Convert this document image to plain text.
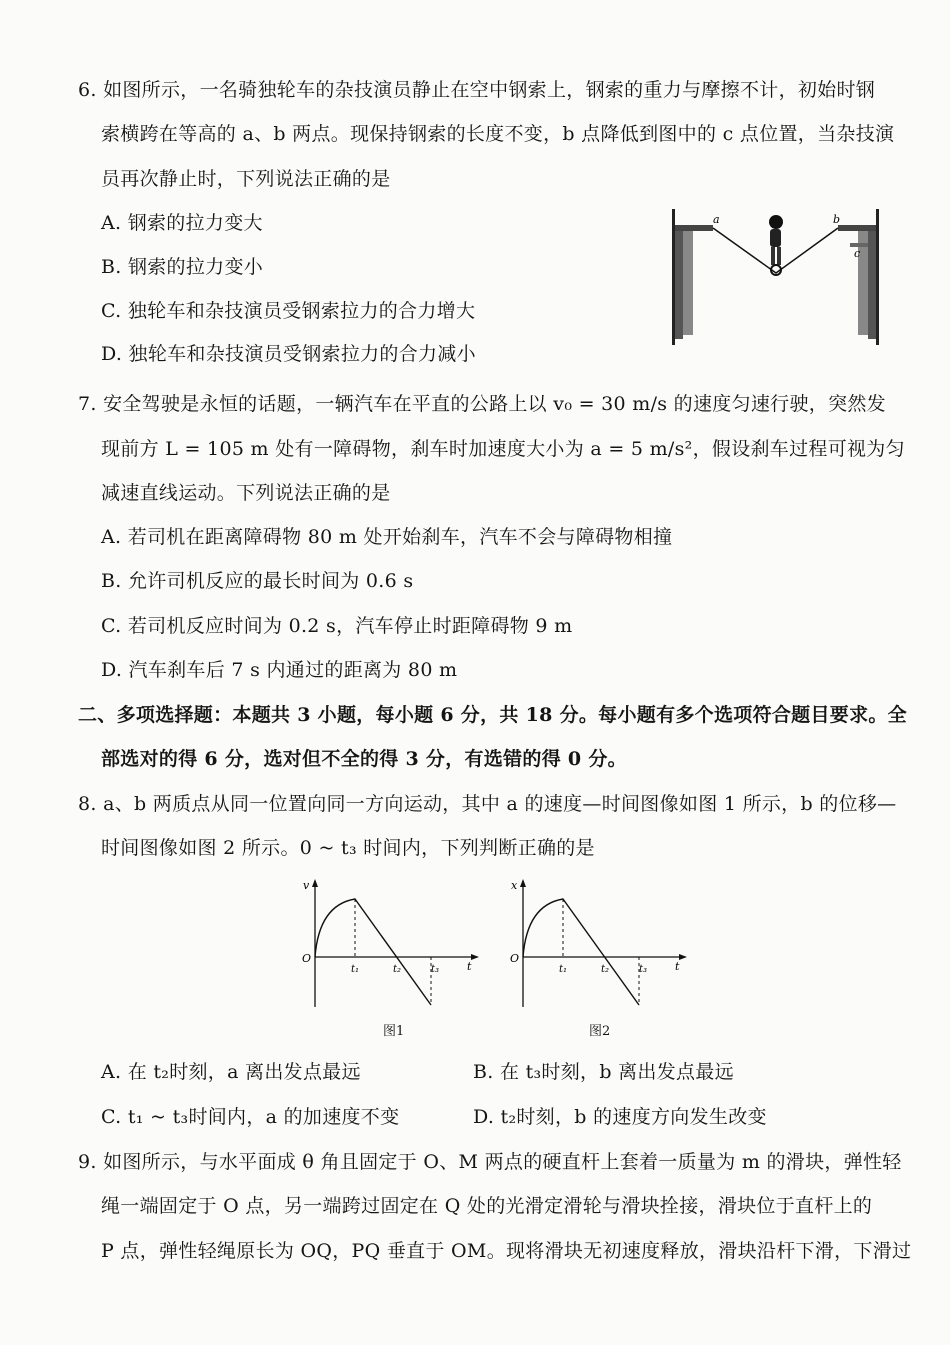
6. 如图所示，一名骑独轮车的杂技演员静止在空中钢索上，钢索的重力与摩擦不计，初始时钢
索横跨在等高的 a、b 两点。现保持钢索的长度不变，b 点降低到图中的 c 点位置，当杂技演
员再次静止时，下列说法正确的是
A. 钢索的拉力变大
B. 钢索的拉力变小
C. 独轮车和杂技演员受钢索拉力的合力增大
D. 独轮车和杂技演员受钢索拉力的合力减小
a	b
c
7. 安全驾驶是永恒的话题，一辆汽车在平直的公路上以 v₀ = 30 m/s 的速度匀速行驶，突然发
现前方 L = 105 m 处有一障碍物，刹车时加速度大小为 a = 5 m/s²，假设刹车过程可视为匀
减速直线运动。下列说法正确的是
A. 若司机在距离障碍物 80 m 处开始刹车，汽车不会与障碍物相撞
B. 允许司机反应的最长时间为 0.6 s
C. 若司机反应时间为 0.2 s，汽车停止时距障碍物 9 m
D. 汽车刹车后 7 s 内通过的距离为 80 m
二、多项选择题：本题共 3 小题，每小题 6 分，共 18 分。每小题有多个选项符合题目要求。全
部选对的得 6 分，选对但不全的得 3 分，有选错的得 0 分。
8. a、b 两质点从同一位置向同一方向运动，其中 a 的速度—时间图像如图 1 所示，b 的位移—
时间图像如图 2 所示。0 ~ t₃ 时间内，下列判断正确的是
v
t
O
t₁	t₂	t₃
图1
x
t
O
t₁	t₂	t₃
图2
A. 在 t₂时刻，a 离出发点最远	B. 在 t₃时刻，b 离出发点最远
C. t₁ ~ t₃时间内，a 的加速度不变	D. t₂时刻，b 的速度方向发生改变
9. 如图所示，与水平面成 θ 角且固定于 O、M 两点的硬直杆上套着一质量为 m 的滑块，弹性轻
绳一端固定于 O 点，另一端跨过固定在 Q 处的光滑定滑轮与滑块拴接，滑块位于直杆上的
P 点，弹性轻绳原长为 OQ，PQ 垂直于 OM。现将滑块无初速度释放，滑块沿杆下滑，下滑过
